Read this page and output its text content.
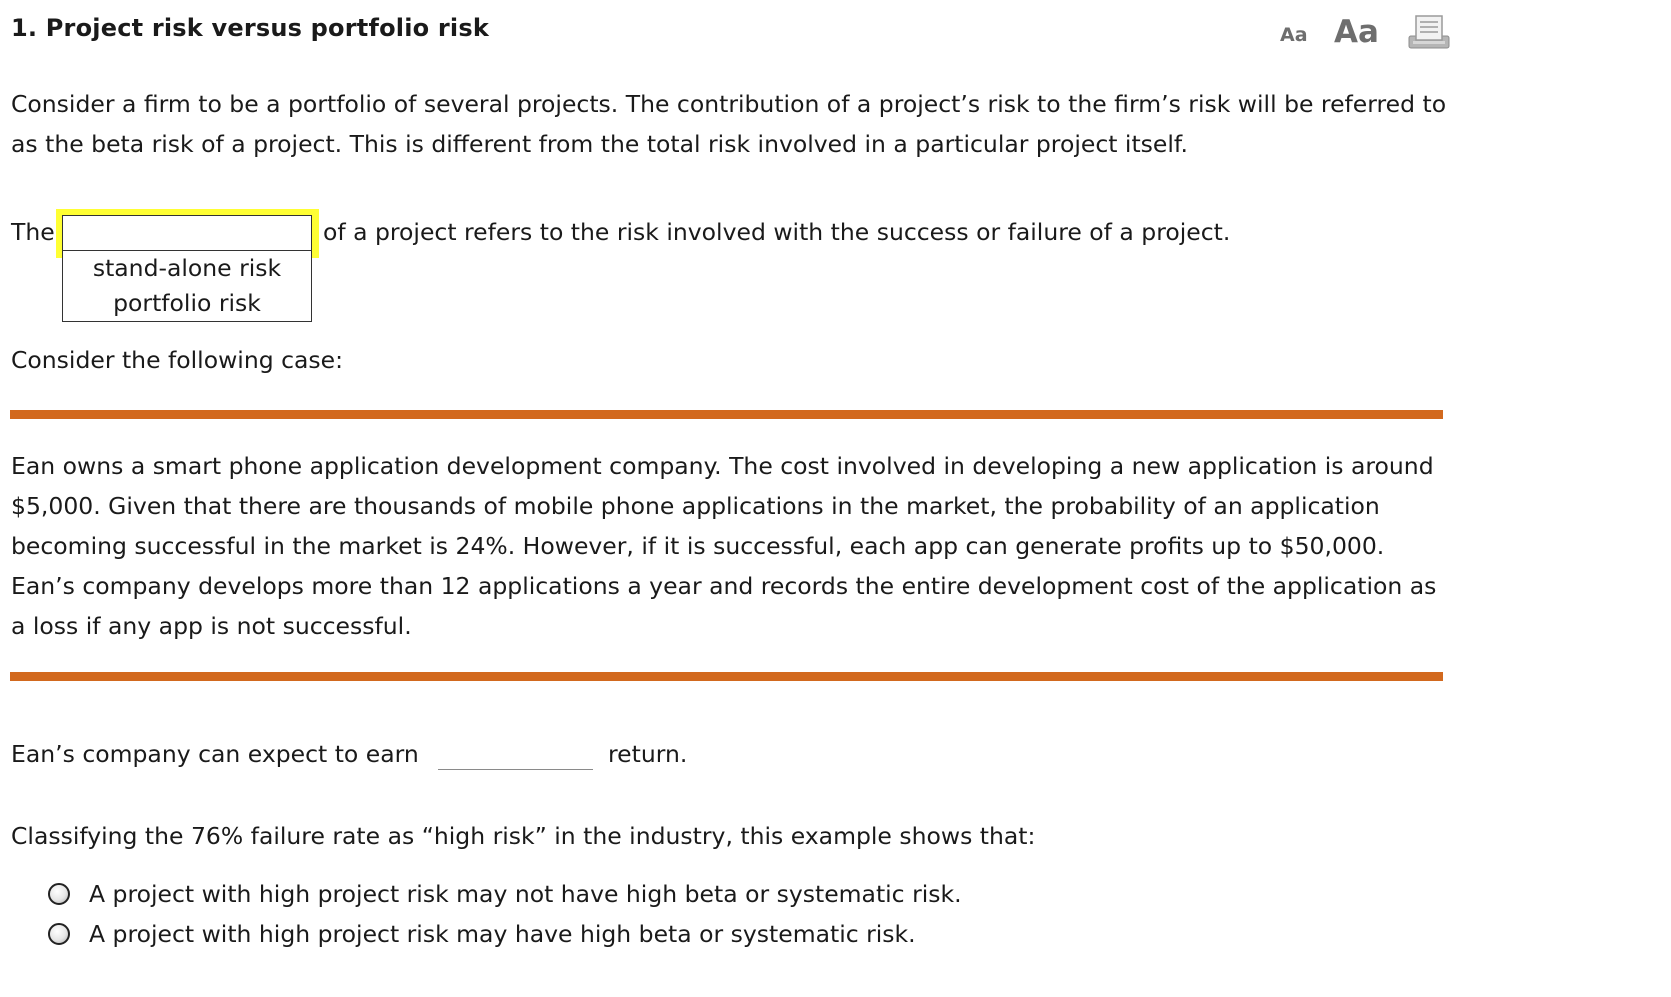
1. Project risk versus portfolio risk	Aa Aa

Consider a firm to be a portfolio of several projects. The contribution of a project’s risk to the firm’s risk will be referred to as the beta risk of a project. This is different from the total risk involved in a particular project itself.

The
stand-alone risk
portfolio risk
of a project refers to the risk involved with the success or failure of a project.

Consider the following case:

Ean owns a smart phone application development company. The cost involved in developing a new application is around $5,000. Given that there are thousands of mobile phone applications in the market, the probability of an application becoming successful in the market is 24%. However, if it is successful, each app can generate profits up to $50,000. Ean’s company develops more than 12 applications a year and records the entire development cost of the application as a loss if any app is not successful.

Ean’s company can expect to earn	return.

Classifying the 76% failure rate as “high risk” in the industry, this example shows that:

A project with high project risk may not have high beta or systematic risk.
A project with high project risk may have high beta or systematic risk.
